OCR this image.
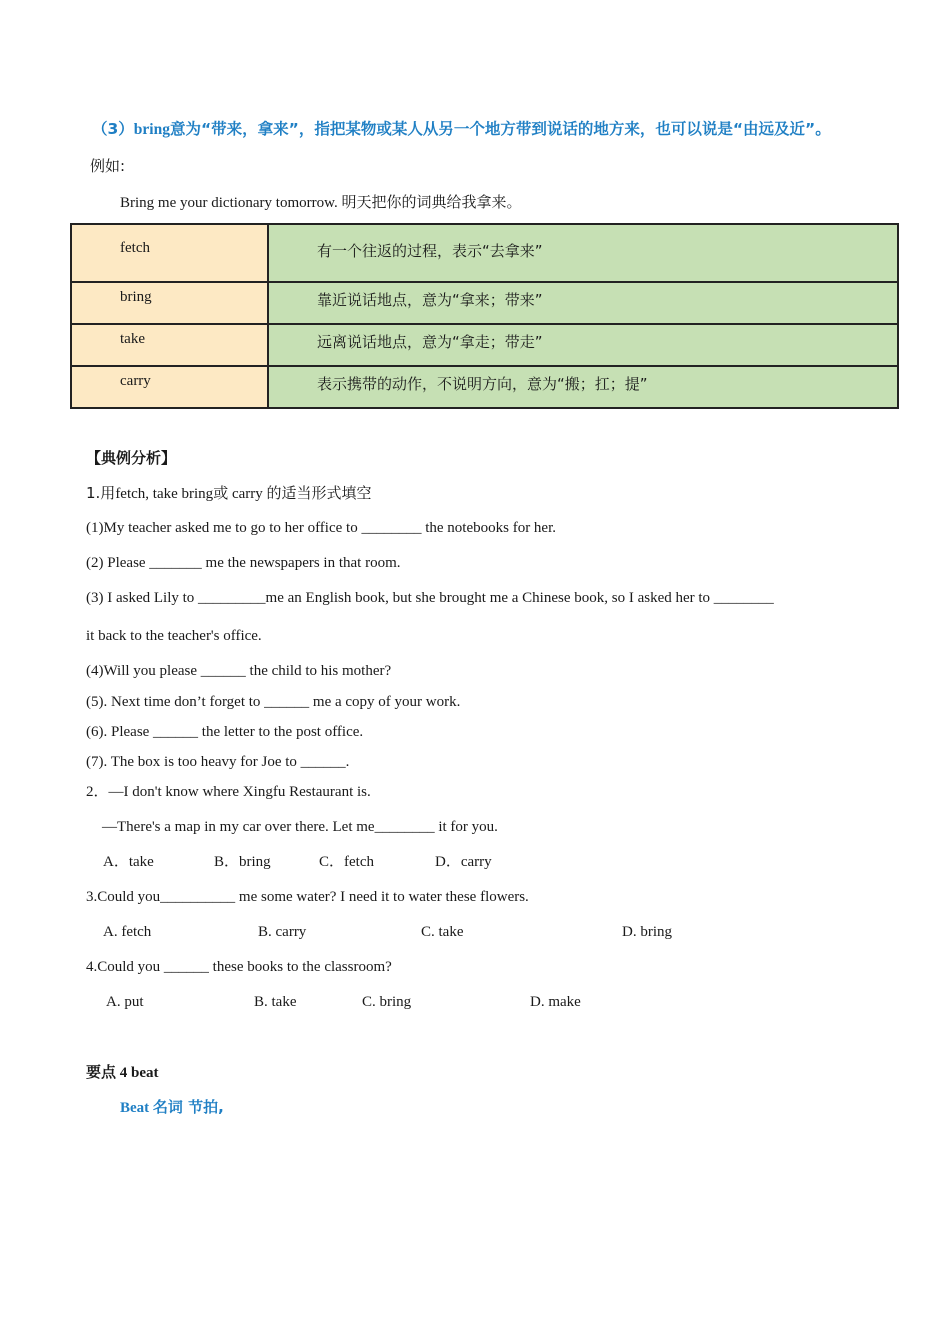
（3）bring意为“带来，拿来”，指把某物或某人从另一个地方带到说话的地方来，也可以说是“由远及近”。
例如:
Bring me your dictionary tomorrow. 明天把你的词典给我拿来。
fetch	有一个往返的过程，表示“去拿来”
bring	靠近说话地点，意为“拿来；带来”
take	远离说话地点，意为“拿走；带走”
carry	表示携带的动作，不说明方向，意为“搬；扛；提”
【典例分析】
1.用fetch, take bring或 carry 的适当形式填空
(1)My teacher asked me to go to her office to ________ the notebooks for her.
(2) Please _______ me the newspapers in that room.
(3) I asked Lily to _________me an English book, but she brought me a Chinese book, so I asked her to ________
it back to the teacher's office.
(4)Will you please ______ the child to his mother?
(5). Next time don’t forget to ______ me a copy of your work.
(6). Please ______ the letter to the post office.
(7). The box is too heavy for Joe to ______.
2．—I don't know where Xingfu Restaurant is.
—There's a map in my car over there. Let me________ it for you.
A．take	B．bring	C．fetch	D．carry
3.Could you__________ me some water? I need it to water these flowers.
A. fetch	B. carry	C. take	D. bring
4.Could you ______ these books to the classroom?
A. put	B. take	C. bring	D. make
要点 4 beat
Beat 名词 节拍,
